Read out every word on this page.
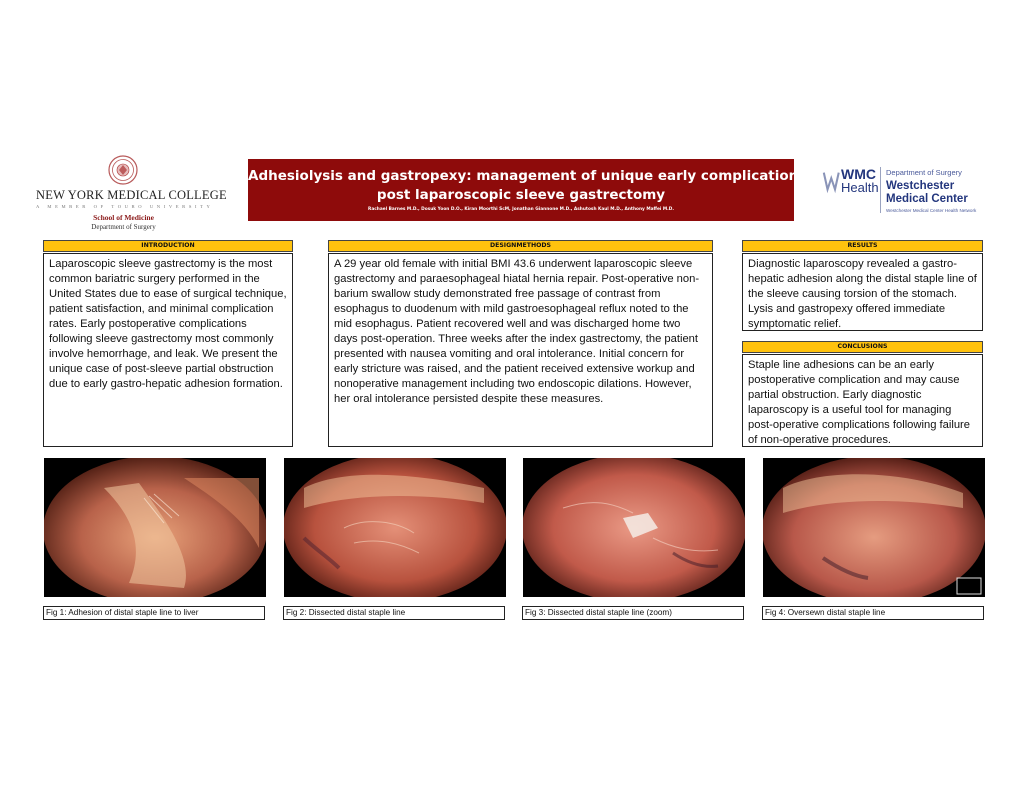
NEW YORK MEDICAL COLLEGE
A MEMBER OF TOURO UNIVERSITY
School of Medicine
Department of Surgery
Adhesiolysis and gastropexy: management of unique early complication
post laparoscopic sleeve gastrectomy
Rachael Barnes M.D., Dosuk Yoon D.O., Kiran Moorthi ScM, Jonathan Giannone M.D., Ashutosh Kaul M.D., Anthony Maffei M.D.
WMC
Health
Department of Surgery
Westchester
Medical Center
Westchester Medical Center Health Network
INTRODUCTION
Laparoscopic sleeve gastrectomy is the most common bariatric surgery performed in the United States due to ease of surgical technique, patient satisfaction, and minimal complication rates. Early postoperative complications following sleeve gastrectomy most commonly involve hemorrhage, and leak. We present the unique case of post-sleeve partial obstruction due to early gastro-hepatic adhesion formation.
DESIGNMETHODS
A 29 year old female with initial BMI 43.6 underwent laparoscopic sleeve gastrectomy and paraesophageal hiatal hernia repair. Post-operative non-barium swallow study demonstrated free passage of contrast from esophagus to duodenum with mild gastroesophageal reflux noted to the mid esophagus. Patient recovered well and was discharged home two days post-operation. Three weeks after the index gastrectomy, the patient presented with nausea vomiting and oral intolerance. Initial concern for early stricture was raised, and the patient received extensive workup and nonoperative management including two endoscopic dilations. However, her oral intolerance persisted despite these measures.
RESULTS
Diagnostic laparoscopy revealed a gastro-hepatic adhesion along the distal staple line of the sleeve causing torsion of the stomach. Lysis and gastropexy offered immediate symptomatic relief.
CONCLUSIONS
Staple line adhesions can be an early postoperative complication and may cause partial obstruction. Early diagnostic laparoscopy is a useful tool for managing post-operative complications following failure of non-operative procedures.
Fig 1: Adhesion of distal staple line to liver	Fig 2: Dissected distal staple line	Fig 3: Dissected distal staple line (zoom)	Fig 4: Oversewn distal staple line
